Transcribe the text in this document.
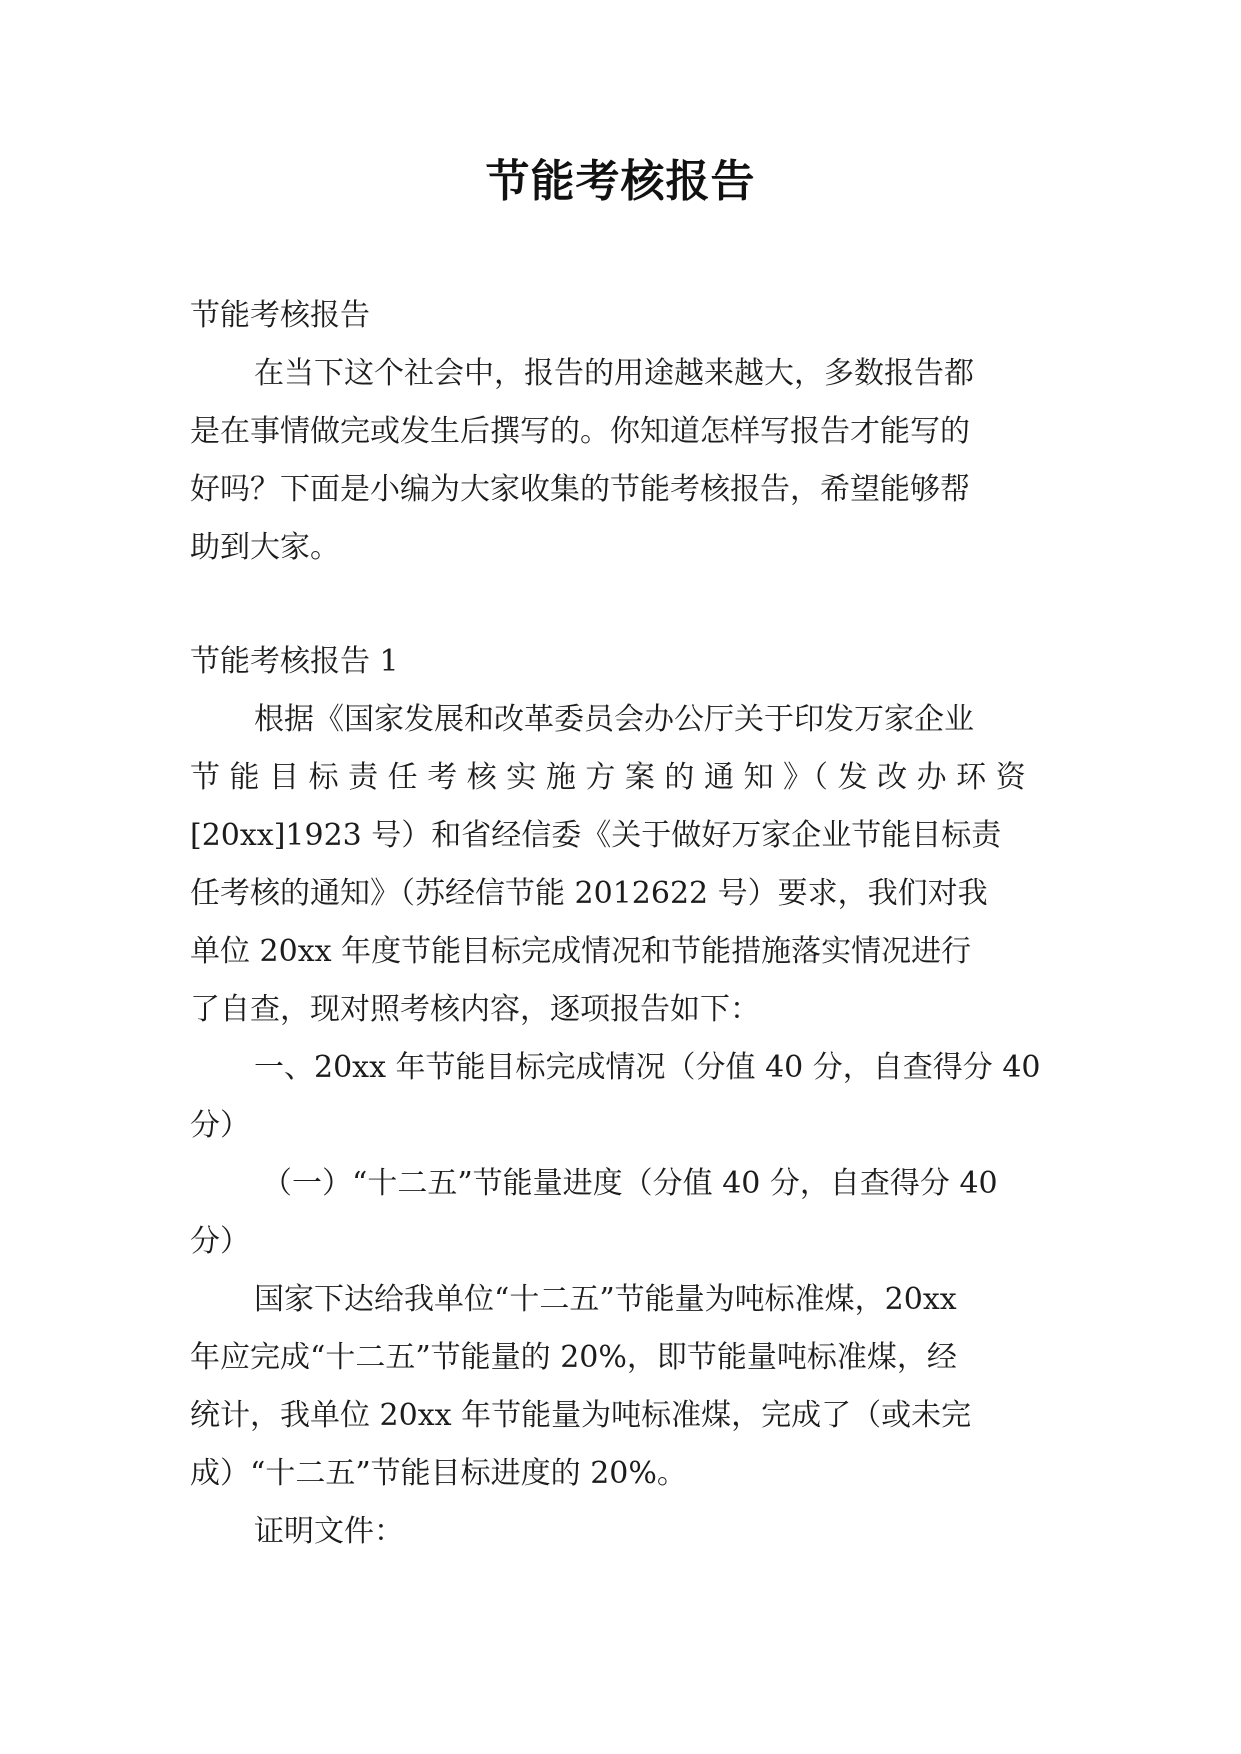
节能考核报告
节能考核报告
在当下这个社会中，报告的用途越来越大，多数报告都
是在事情做完或发生后撰写的。你知道怎样写报告才能写的
好吗？下面是小编为大家收集的节能考核报告，希望能够帮
助到大家。
节能考核报告 1
根据《国家发展和改革委员会办公厅关于印发万家企业
节 能 目 标 责 任 考 核 实 施 方 案 的 通 知 》（ 发 改 办 环 资
[20xx]1923 号）和省经信委《关于做好万家企业节能目标责
任考核的通知》（苏经信节能 2012622 号）要求，我们对我
单位 20xx 年度节能目标完成情况和节能措施落实情况进行
了自查，现对照考核内容，逐项报告如下：
一、20xx 年节能目标完成情况（分值 40 分，自查得分 40
分）
（一）“十二五”节能量进度（分值 40 分，自查得分 40
分）
国家下达给我单位“十二五”节能量为吨标准煤，20xx
年应完成“十二五”节能量的 20%，即节能量吨标准煤，经
统计，我单位 20xx 年节能量为吨标准煤，完成了（或未完
成）“十二五”节能目标进度的 20%。
证明文件：
